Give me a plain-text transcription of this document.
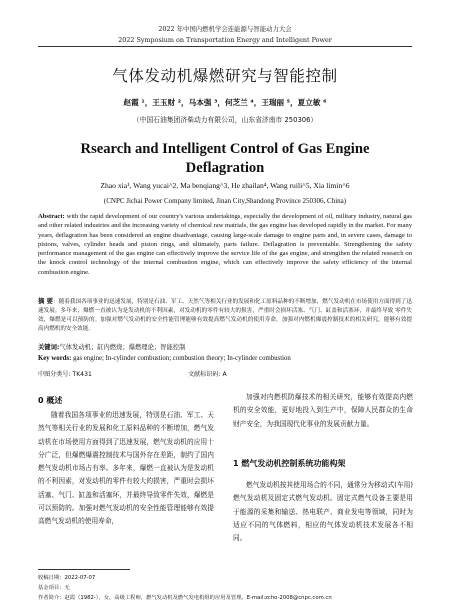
2022 年中国内燃机学会连能源与智能动力大会
2022 Symposium on Transportation Energy and Intelligent Power
气体发动机爆燃研究与智能控制
赵霞 ¹，王玉财 ²，马本强 ³，何芝兰 ⁴，王瑞丽 ⁵，夏立敏 ⁶
（中国石油集团济柴动力有限公司，山东省济南市 250306）
Rsearch and Intelligent Control of Gas Engine
Deflagration
Zhao xia¹, Wang yucai^2, Ma benqiang^3, He zhailan⁴, Wang ruili^5, Xia limin^6
(CNPC Jichai Power Company limited, Jinan City,Shandong Province 250306, China)
Abstract: with the rapid development of our country's various undertakings, especially the development of oil, military industry, natural gas and other related industries and the increasing variety of chemical raw matrials, the gas engine has developed rapidly in the market. For many years, deflagration has been considered an engine disadvantage, causing large-scale damage to engine parts and, in severe cases, damage to pistons, valves, cylinder heads and piston rings, and ultimately, parts failure. Deflagration is preventable. Strengthening the safety performance management of the gas engine can effectively improve the service life of the gas engine, and strengthen the related research on the knock control technology of the internal combustion engine, which can effectively improve the safety efficiency of the internal combustion engine.
摘 要：随着我国各项事业的迅速发展，特别是石油、军工、天然气等相关行业的发展和化工原料品种的不断增加，燃气发动机在市场使用方面得到了迅速发展。多年来，爆燃一直被认为是发动机的不利因素，对发动机的零件有较大的损害，严重时会损坏活塞、气门、缸盖和活塞环，并最终导致 零件失效，爆燃是可以预防的。加强对燃气发动机的安全性能管理能够有效提高燃气发动机的使用寿命，加强对内燃机爆震控制技术的相关研究，能够有效提高内燃机的安全效能。
关键词:气体发动机；缸内燃烧；爆燃理论；智能控制
Key words: gas engine; In-cylinder combustion; combustion theory; In-cylinder combustion
中图分类号: TK431	文献标识码: A
0 概述
随着我国各项事业的迅速发展，特别是石油、军工、天然气等相关行业的发展和化工原料品种的不断增加，燃气发动机在市场使用方面得到了迅速发展，燃气发动机的应用十分广泛，但爆燃爆震控制技术与国外存在差距，制约了国内燃气发动机市场占有率。多年来，爆燃一直被认为是发动机的不利因素，对发动机的零件有较大的损害，严重时会损坏活塞、气门、缸盖和活塞环，并最终导致零件失效，爆燃是可以预防的。加强对燃气发动机的安全性能管理能够有效提高燃气发动机的使用寿命，
加强对内燃机防爆技术的相关研究，能够有效提高内燃机的安全效能，更好地投入到生产中，保障人民群众的生命财产安全，为我国现代化事业的发展贡献力量。
1 燃气发动机控制系统功能构架
燃气发动机按其使用场合的不同，通常分为移动式(车用)燃气发动机及固定式燃气发动机。固定式燃气设备主要是用于能源的采集和输送、热电联产、商业发电等领域，同时为适应不同的气体燃料，相应的气体发动机技术发展各不相同。
收稿日期：2022-07-07
基金项目：无
作者简介：赵霞（1982-），女，高级工程师，燃气发动机及燃气发电机组的应用及管理。E-mail:zcho-2008@cnpc.com.cn
